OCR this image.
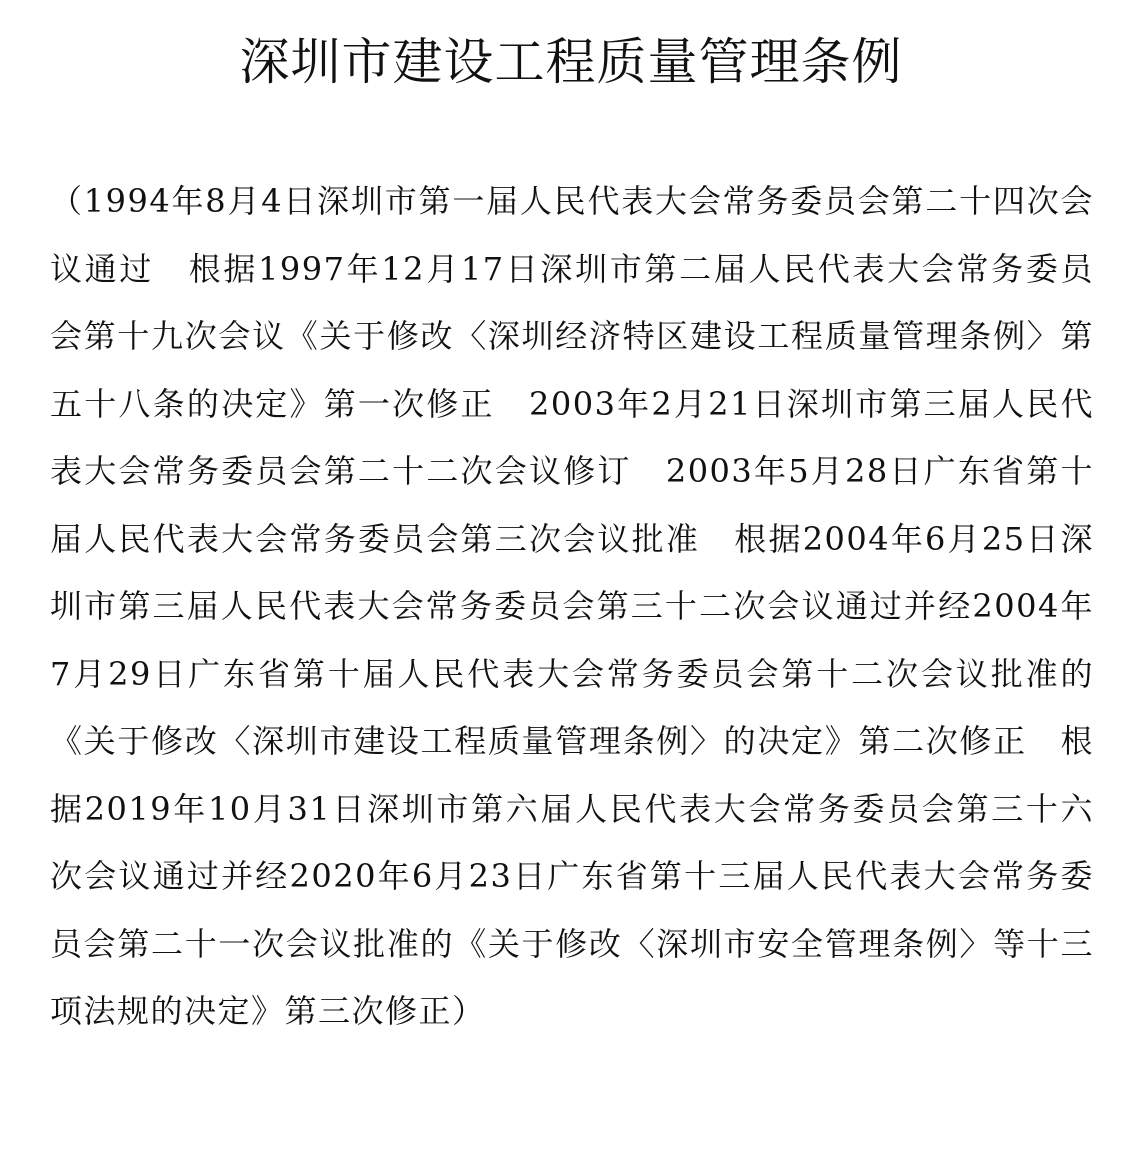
深圳市建设工程质量管理条例

（1994年8月4日深圳市第一届人民代表大会常务委员会第二十四次会议通过　根据1997年12月17日深圳市第二届人民代表大会常务委员会第十九次会议《关于修改〈深圳经济特区建设工程质量管理条例〉第五十八条的决定》第一次修正　2003年2月21日深圳市第三届人民代表大会常务委员会第二十二次会议修订　2003年5月28日广东省第十届人民代表大会常务委员会第三次会议批准　根据2004年6月25日深圳市第三届人民代表大会常务委员会第三十二次会议通过并经2004年7月29日广东省第十届人民代表大会常务委员会第十二次会议批准的《关于修改〈深圳市建设工程质量管理条例〉的决定》第二次修正　根据2019年10月31日深圳市第六届人民代表大会常务委员会第三十六次会议通过并经2020年6月23日广东省第十三届人民代表大会常务委员会第二十一次会议批准的《关于修改〈深圳市安全管理条例〉等十三项法规的决定》第三次修正）
